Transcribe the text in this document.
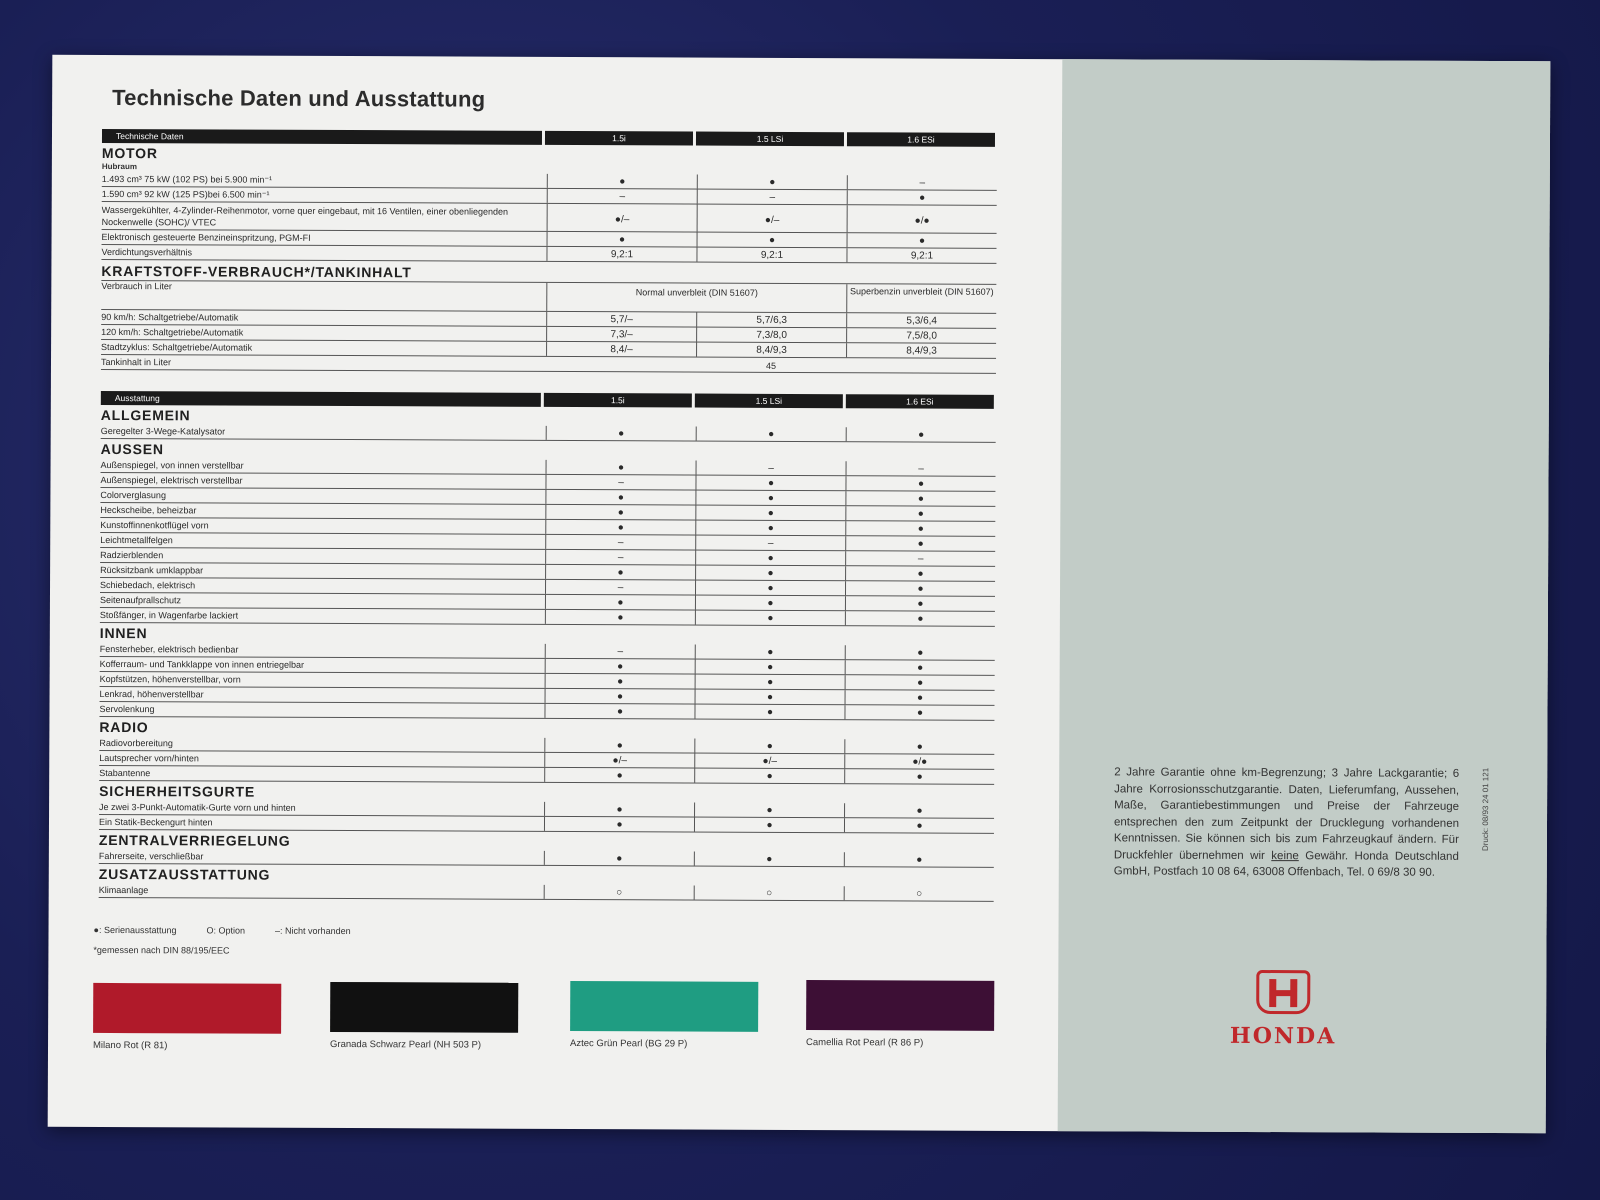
Technische Daten und Ausstattung
Technische Daten	1.5i	1.5 LSi	1.6 ESi
MOTOR
Hubraum
1.493 cm³ 75 kW (102 PS) bei 5.900 min⁻¹	●	●	–
1.590 cm³ 92 kW (125 PS)bei 6.500 min⁻¹	–	–	●
Wassergekühlter, 4-Zylinder-Reihenmotor, vorne quer eingebaut, mit 16 Ventilen, einer obenliegenden Nockenwelle (SOHC)/ VTEC	●/–	●/–	●/●
Elektronisch gesteuerte Benzineinspritzung, PGM-FI	●	●	●
Verdichtungsverhältnis	9,2:1	9,2:1	9,2:1
KRAFTSTOFF-VERBRAUCH*/TANKINHALT
Verbrauch in Liter
Normal unverbleit (DIN 51607)	Superbenzin unverbleit (DIN 51607)
90 km/h: Schaltgetriebe/Automatik	5,7/–	5,7/6,3	5,3/6,4
120 km/h: Schaltgetriebe/Automatik	7,3/–	7,3/8,0	7,5/8,0
Stadtzyklus: Schaltgetriebe/Automatik	8,4/–	8,4/9,3	8,4/9,3
Tankinhalt in Liter	45
Ausstattung	1.5i	1.5 LSi	1.6 ESi
ALLGEMEIN
Geregelter 3-Wege-Katalysator	●	●	●
AUSSEN
Außenspiegel, von innen verstellbar	●	–	–
Außenspiegel, elektrisch verstellbar	–	●	●
Colorverglasung	●	●	●
Heckscheibe, beheizbar	●	●	●
Kunstoffinnenkotflügel vorn	●	●	●
Leichtmetallfelgen	–	–	●
Radzierblenden	–	●	–
Rücksitzbank umklappbar	●	●	●
Schiebedach, elektrisch	–	●	●
Seitenaufprallschutz	●	●	●
Stoßfänger, in Wagenfarbe lackiert	●	●	●
INNEN
Fensterheber, elektrisch bedienbar	–	●	●
Kofferraum- und Tankklappe von innen entriegelbar	●	●	●
Kopfstützen, höhenverstellbar, vorn	●	●	●
Lenkrad, höhenverstellbar	●	●	●
Servolenkung	●	●	●
RADIO
Radiovorbereitung	●	●	●
Lautsprecher vorn/hinten	●/–	●/–	●/●
Stabantenne	●	●	●
SICHERHEITSGURTE
Je zwei 3-Punkt-Automatik-Gurte vorn und hinten	●	●	●
Ein Statik-Beckengurt hinten	●	●	●
ZENTRALVERRIEGELUNG
Fahrerseite, verschließbar	●	●	●
ZUSATZAUSSTATTUNG
Klimaanlage	○	○	○
●: Serienausstattung	O: Option	–: Nicht vorhanden
*gemessen nach DIN 88/195/EEC
Milano Rot (R 81)	Granada Schwarz Pearl (NH 503 P)	Aztec Grün Pearl (BG 29 P)	Camellia Rot Pearl (R 86 P)
2 Jahre Garantie ohne km-Begrenzung; 3 Jahre Lackgarantie; 6 Jahre Korrosionsschutzgarantie. Daten, Lieferumfang, Aussehen, Maße, Garantiebestimmungen und Preise der Fahrzeuge entsprechen den zum Zeitpunkt der Drucklegung vorhandenen Kenntnissen. Sie können sich bis zum Fahrzeugkauf ändern. Für Druckfehler übernehmen wir keine Gewähr. Honda Deutschland GmbH, Postfach 10 08 64, 63008 Offenbach, Tel. 0 69/8 30 90.
Druck: 08/93 24 01 121
HONDA
